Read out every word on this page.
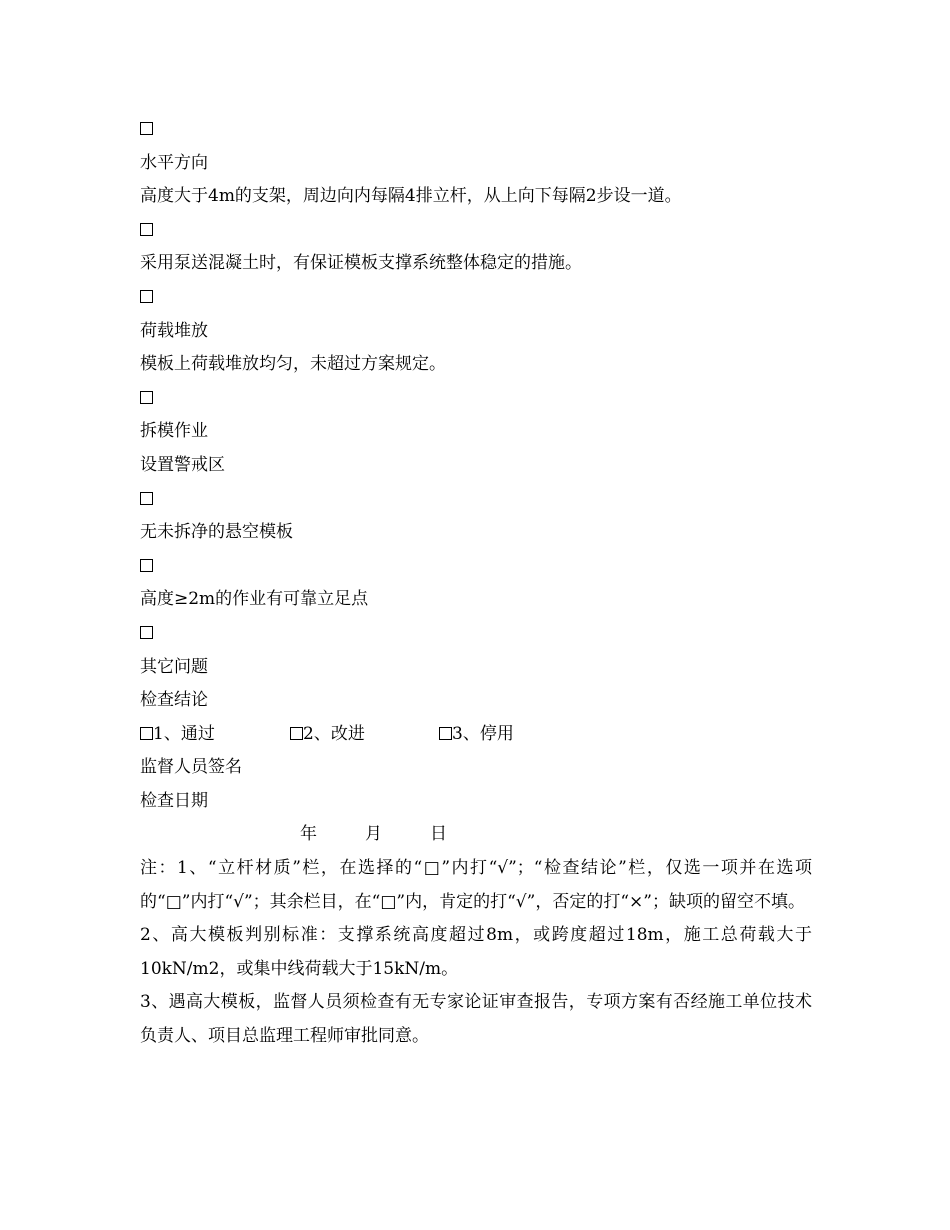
水平方向
高度大于4m的支架，周边向内每隔4排立杆，从上向下每隔2步设一道。
采用泵送混凝土时，有保证模板支撑系统整体稳定的措施。
荷载堆放
模板上荷载堆放均匀，未超过方案规定。
拆模作业
设置警戒区
无未拆净的悬空模板
高度≥2m的作业有可靠立足点
其它问题
检查结论
1、通过	2、改进	3、停用
监督人员签名
检查日期
年	月	日

注：1、“立杆材质”栏，在选择的“□”内打“√”；“检查结论”栏，仅选一项并在选项的“□”内打“√”；其余栏目，在“□”内，肯定的打“√”，否定的打“×”；缺项的留空不填。

2、高大模板判别标准：支撑系统高度超过8m，或跨度超过18m，施工总荷载大于10kN/m2，或集中线荷载大于15kN/m。

3、遇高大模板，监督人员须检查有无专家论证审查报告，专项方案有否经施工单位技术负责人、项目总监理工程师审批同意。
